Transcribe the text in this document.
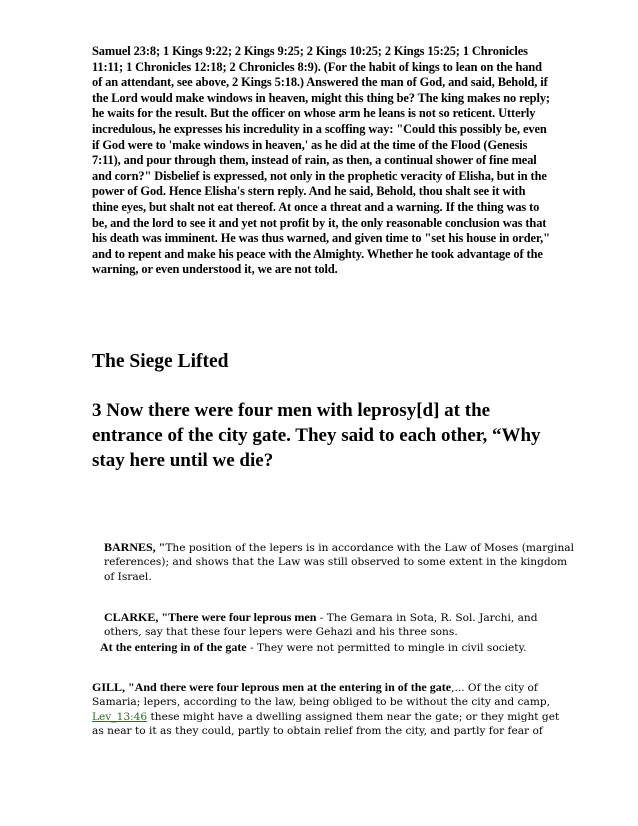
Samuel 23:8; 1 Kings 9:22; 2 Kings 9:25; 2 Kings 10:25; 2 Kings 15:25; 1 Chronicles 11:11; 1 Chronicles 12:18; 2 Chronicles 8:9). (For the habit of kings to lean on the hand of an attendant, see above, 2 Kings 5:18.) Answered the man of God, and said, Behold, if the Lord would make windows in heaven, might this thing be? The king makes no reply; he waits for the result. But the officer on whose arm he leans is not so reticent. Utterly incredulous, he expresses his incredulity in a scoffing way: "Could this possibly be, even if God were to 'make windows in heaven,' as he did at the time of the Flood (Genesis 7:11), and pour through them, instead of rain, as then, a continual shower of fine meal and corn?" Disbelief is expressed, not only in the prophetic veracity of Elisha, but in the power of God. Hence Elisha's stern reply. And he said, Behold, thou shalt see it with thine eyes, but shalt not eat thereof. At once a threat and a warning. If the thing was to be, and the lord to see it and yet not profit by it, the only reasonable conclusion was that his death was imminent. He was thus warned, and given time to "set his house in order," and to repent and make his peace with the Almighty. Whether he took advantage of the warning, or even understood it, we are not told.

The Siege Lifted

3 Now there were four men with leprosy[d] at the entrance of the city gate. They said to each other, “Why stay here until we die?

BARNES, "The position of the lepers is in accordance with the Law of Moses (marginal references); and shows that the Law was still observed to some extent in the kingdom of Israel.

CLARKE, "There were four leprous men - The Gemara in Sota, R. Sol. Jarchi, and others, say that these four lepers were Gehazi and his three sons.

At the entering in of the gate - They were not permitted to mingle in civil society.

GILL, "And there were four leprous men at the entering in of the gate,... Of the city of Samaria; lepers, according to the law, being obliged to be without the city and camp, Lev_13:46 these might have a dwelling assigned them near the gate; or they might get as near to it as they could, partly to obtain relief from the city, and partly for fear of
